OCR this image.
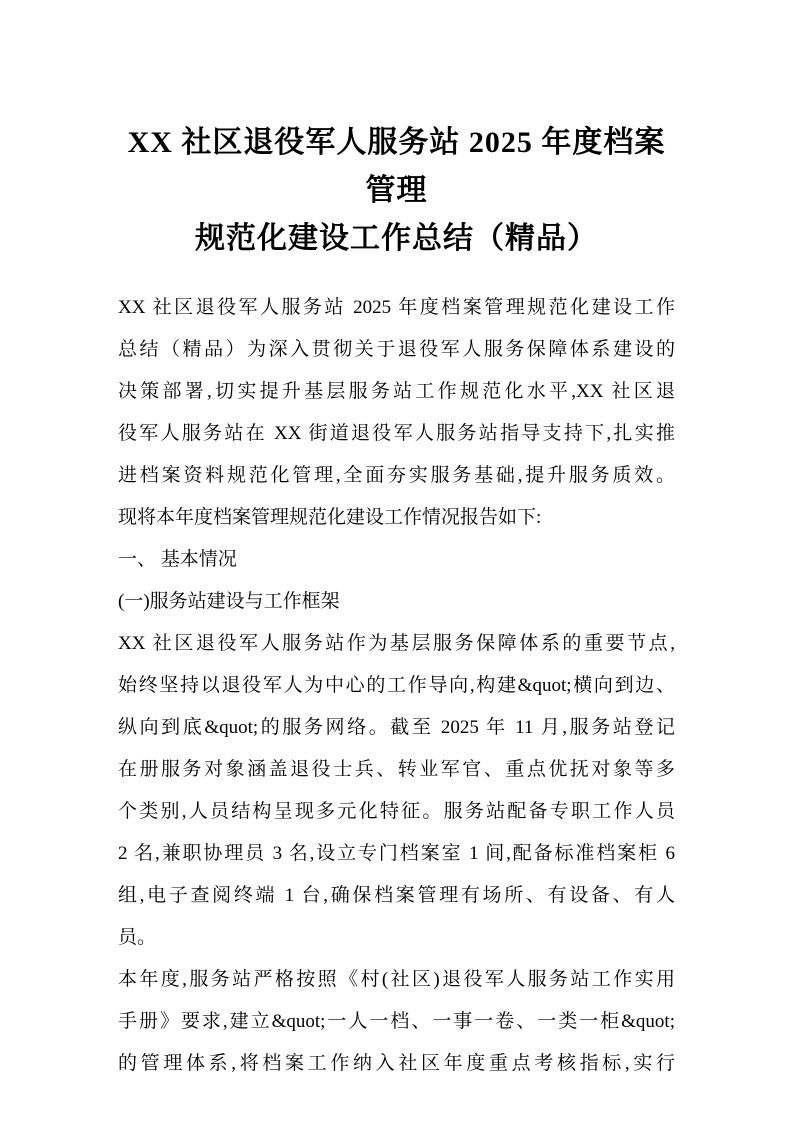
XX 社区退役军人服务站 2025 年度档案管理
规范化建设工作总结（精品）
XX 社区退役军人服务站 2025 年度档案管理规范化建设工作
总结（精品）为深入贯彻关于退役军人服务保障体系建设的
决策部署,切实提升基层服务站工作规范化水平,XX 社区退
役军人服务站在 XX 街道退役军人服务站指导支持下,扎实推
进档案资料规范化管理,全面夯实服务基础,提升服务质效。
现将本年度档案管理规范化建设工作情况报告如下:
一、 基本情况
(一)服务站建设与工作框架
XX 社区退役军人服务站作为基层服务保障体系的重要节点,
始终坚持以退役军人为中心的工作导向,构建&quot;横向到边、
纵向到底&quot;的服务网络。截至 2025 年 11 月,服务站登记
在册服务对象涵盖退役士兵、转业军官、重点优抚对象等多
个类别,人员结构呈现多元化特征。服务站配备专职工作人员
2 名,兼职协理员 3 名,设立专门档案室 1 间,配备标准档案柜 6
组,电子查阅终端 1 台,确保档案管理有场所、有设备、有人
员。
本年度,服务站严格按照《村(社区)退役军人服务站工作实用
手册》要求,建立&quot;一人一档、一事一卷、一类一柜&quot;
的管理体系,将档案工作纳入社区年度重点考核指标,实行
